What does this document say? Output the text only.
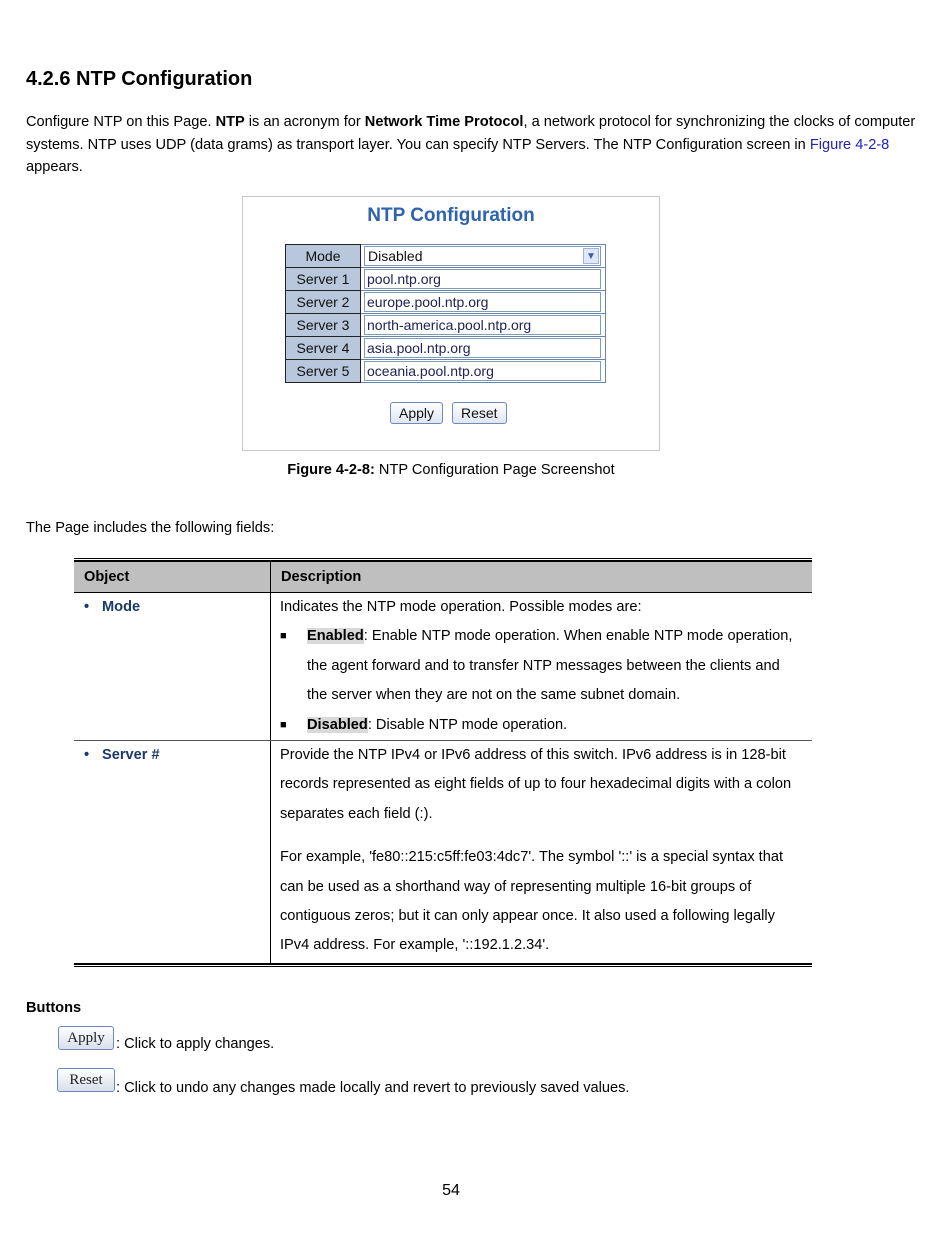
4.2.6 NTP Configuration

Configure NTP on this Page. NTP is an acronym for Network Time Protocol, a network protocol for synchronizing the clocks of computer systems. NTP uses UDP (data grams) as transport layer. You can specify NTP Servers. The NTP Configuration screen in Figure 4-2-8 appears.

NTP Configuration
Mode	Disabled ▼

Server 1	pool.ntp.org

Server 2	europe.pool.ntp.org

Server 3	north-america.pool.ntp.org

Server 4	asia.pool.ntp.org

Server 5	oceania.pool.ntp.org
Apply	Reset
Figure 4-2-8: NTP Configuration Page Screenshot
The Page includes the following fields:
Object	Description
• Mode	Indicates the NTP mode operation. Possible modes are:

■	Enabled: Enable NTP mode operation. When enable NTP mode operation, the agent forward and to transfer NTP messages between the clients and the server when they are not on the same subnet domain.
■	Disabled: Disable NTP mode operation.
• Server #	Provide the NTP IPv4 or IPv6 address of this switch. IPv6 address is in 128-bit records represented as eight fields of up to four hexadecimal digits with a colon separates each field (:).

For example, 'fe80::215:c5ff:fe03:4dc7'. The symbol '::' is a special syntax that can be used as a shorthand way of representing multiple 16-bit groups of contiguous zeros; but it can only appear once. It also used a following legally IPv4 address. For example, '::192.1.2.34'.

Buttons
Apply : Click to apply changes.
Reset : Click to undo any changes made locally and revert to previously saved values.
54
